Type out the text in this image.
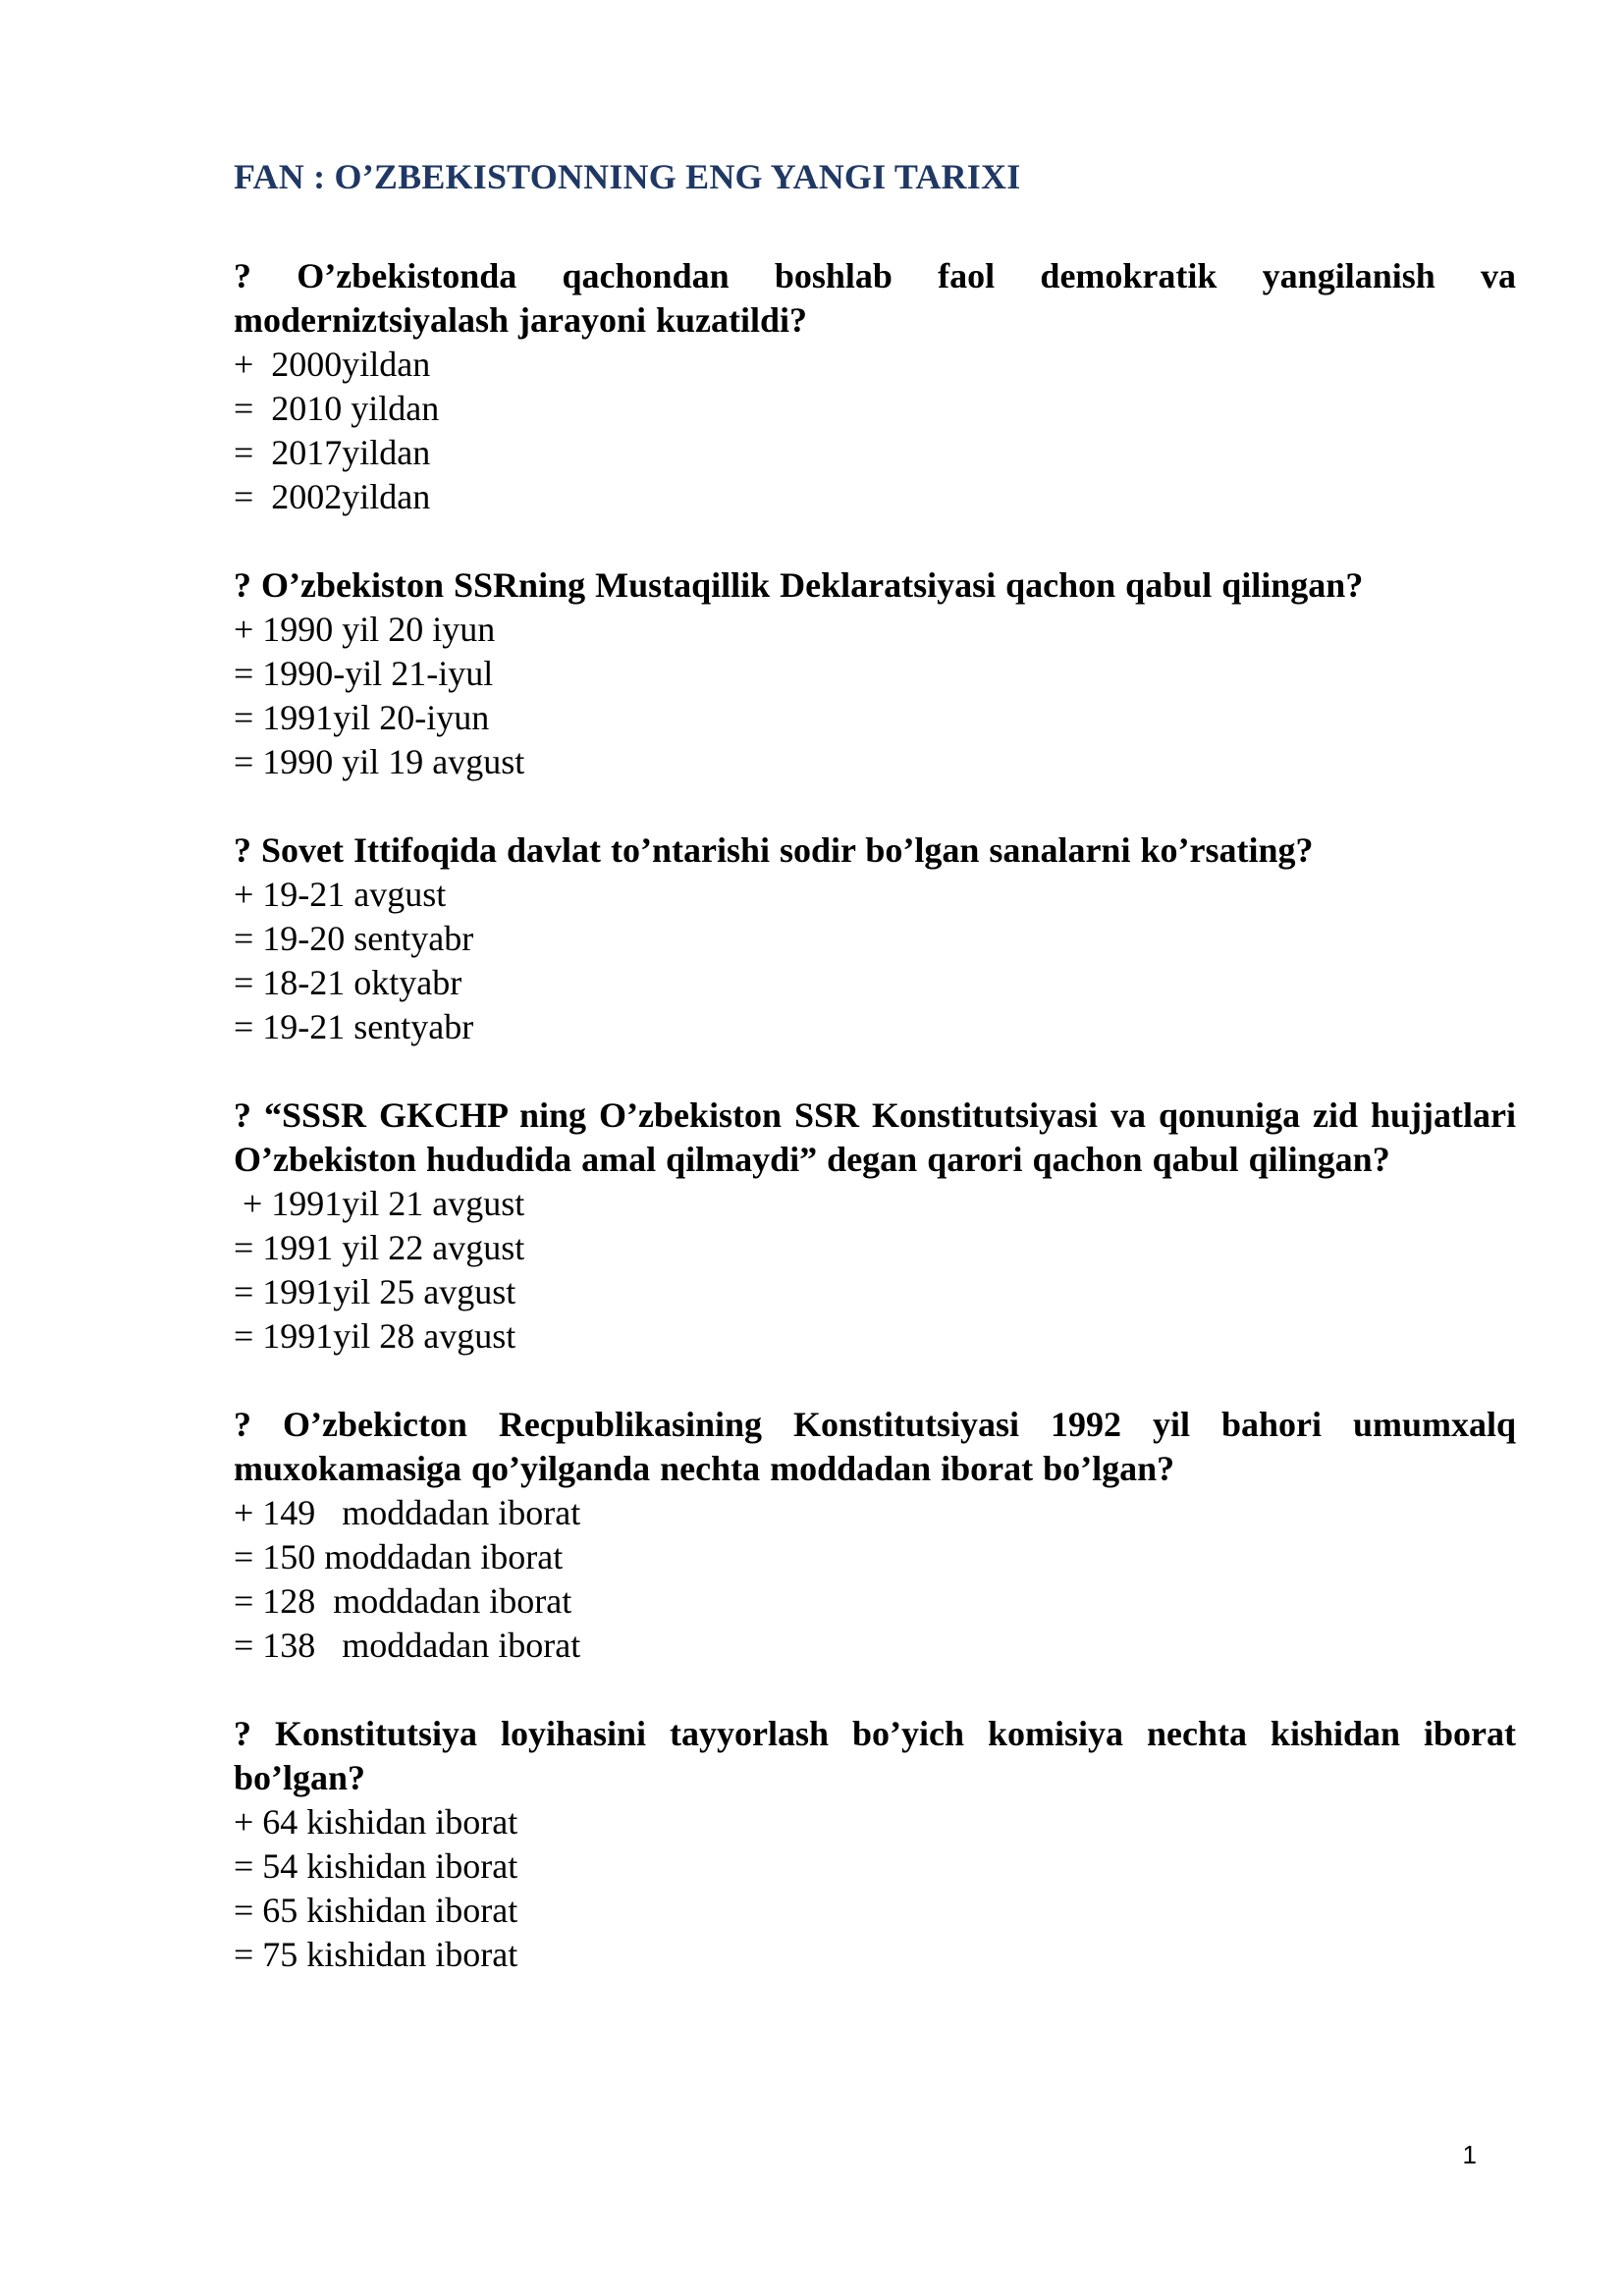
FAN : O’ZBEKISTONNING ENG YANGI TARIXI

? O’zbekistonda qachondan boshlab faol demokratik yangilanish va moderniztsiyalash jarayoni kuzatildi?

+  2000yildan

=  2010 yildan

=  2017yildan

=  2002yildan

? O’zbekiston SSRning Mustaqillik Deklaratsiyasi qachon qabul qilingan?

+ 1990 yil 20 iyun

= 1990-yil 21-iyul

= 1991yil 20-iyun

= 1990 yil 19 avgust

? Sovet Ittifoqida davlat to’ntarishi sodir bo’lgan sanalarni ko’rsating?

+ 19-21 avgust

= 19-20 sentyabr

= 18-21 oktyabr

= 19-21 sentyabr

? “SSSR GKCHP ning O’zbekiston SSR Konstitutsiyasi va qonuniga zid hujjatlari O’zbekiston hududida amal qilmaydi” degan qarori qachon qabul qilingan?

+ 1991yil 21 avgust

= 1991 yil 22 avgust

= 1991yil 25 avgust

= 1991yil 28 avgust

? O’zbekicton Recpublikasining Konstitutsiyasi 1992 yil bahori umumxalq muxokamasiga qo’yilganda nechta moddadan iborat bo’lgan?

+ 149   moddadan iborat

= 150 moddadan iborat

= 128  moddadan iborat

= 138   moddadan iborat

? Konstitutsiya loyihasini tayyorlash bo’yich komisiya nechta kishidan iborat bo’lgan?

+ 64 kishidan iborat

= 54 kishidan iborat

= 65 kishidan iborat

= 75 kishidan iborat

1
